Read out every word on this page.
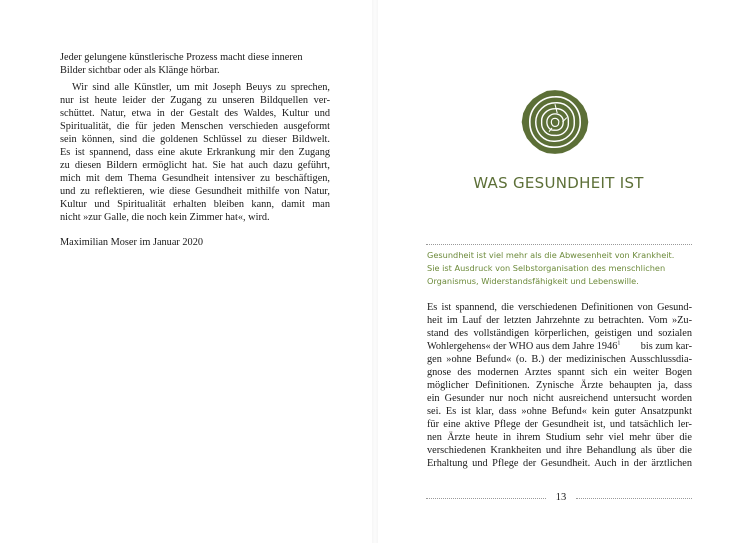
Jeder gelungene künstlerische Prozess macht diese inneren
Bilder sichtbar oder als Klänge hörbar.
Wir sind alle Künstler, um mit Joseph Beuys zu sprechen,
nur ist heute leider der Zugang zu unseren Bildquellen ver-
schüttet. Natur, etwa in der Gestalt des Waldes, Kultur und
Spiritualität, die für jeden Menschen verschieden ausgeformt
sein können, sind die goldenen Schlüssel zu dieser Bildwelt.
Es ist spannend, dass eine akute Erkrankung mir den Zugang
zu diesen Bildern ermöglicht hat. Sie hat auch dazu geführt,
mich mit dem Thema Gesundheit intensiver zu beschäftigen,
und zu reflektieren, wie diese Gesundheit mithilfe von Natur,
Kultur und Spiritualität erhalten bleiben kann, damit man
nicht »zur Galle, die noch kein Zimmer hat«, wird.
Maximilian Moser im Januar 2020
WAS GESUNDHEIT IST
Gesundheit ist viel mehr als die Abwesenheit von Krankheit.
Sie ist Ausdruck von Selbstorganisation des menschlichen
Organismus, Widerstandsfähigkeit und Lebenswille.
Es ist spannend, die verschiedenen Definitionen von Gesund-
heit im Lauf der letzten Jahrzehnte zu betrachten. Vom »Zu-
stand des vollständigen körperlichen, geistigen und sozialen
Wohlergehens« der WHO aus dem Jahre 1946$^1$ bis zum kar-
gen »ohne Befund« (o. B.) der medizinischen Ausschlussdia-
gnose des modernen Arztes spannt sich ein weiter Bogen
möglicher Definitionen. Zynische Ärzte behaupten ja, dass
ein Gesunder nur noch nicht ausreichend untersucht worden
sei. Es ist klar, dass »ohne Befund« kein guter Ansatzpunkt
für eine aktive Pflege der Gesundheit ist, und tatsächlich ler-
nen Ärzte heute in ihrem Studium sehr viel mehr über die
verschiedenen Krankheiten und ihre Behandlung als über die
Erhaltung und Pflege der Gesundheit. Auch in der ärztlichen
13
